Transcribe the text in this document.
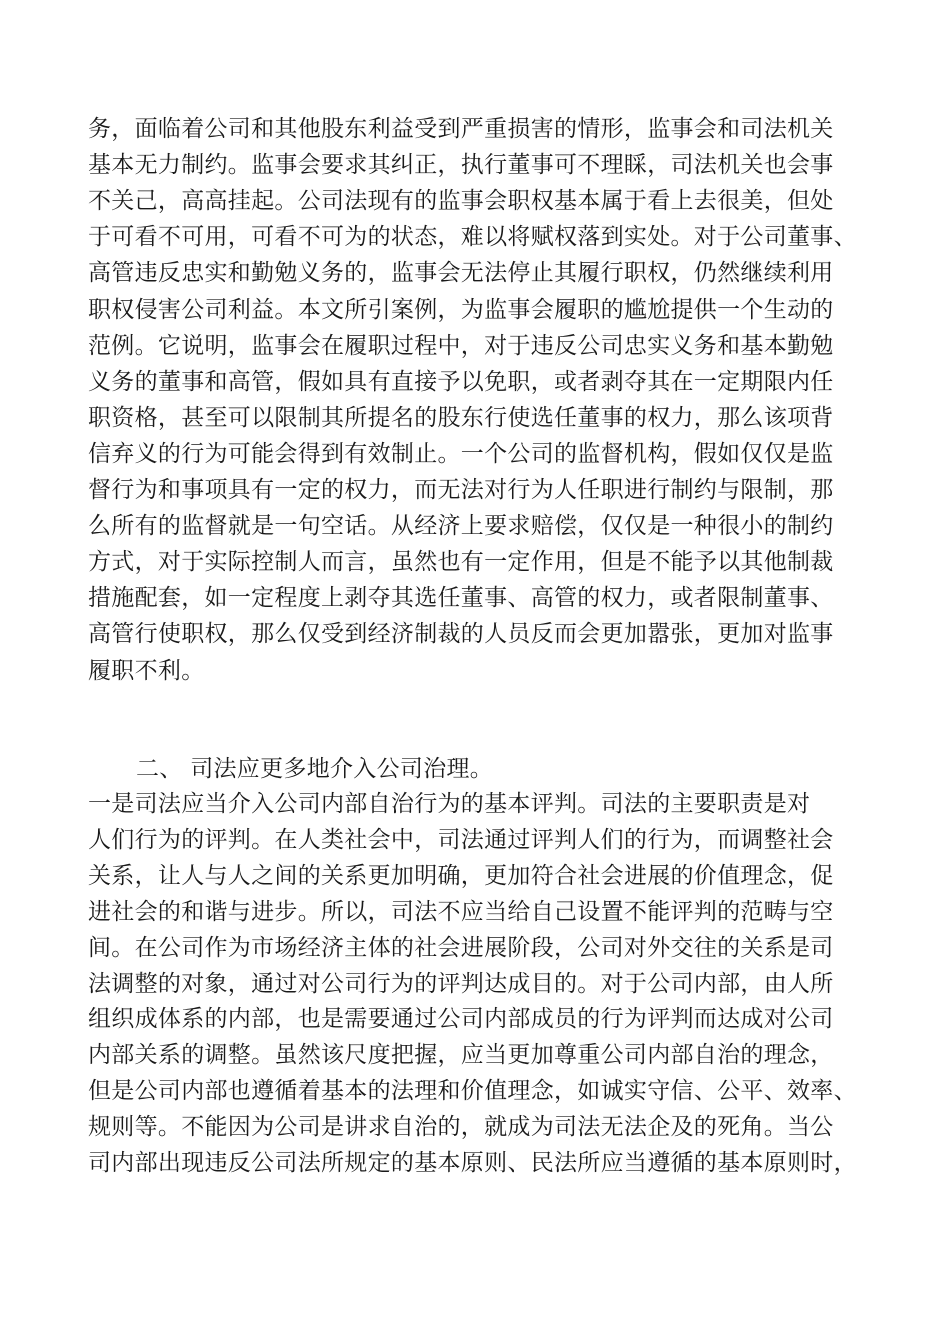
务，面临着公司和其他股东利益受到严重损害的情形，监事会和司法机关
基本无力制约。监事会要求其纠正，执行董事可不理睬，司法机关也会事
不关己，高高挂起。公司法现有的监事会职权基本属于看上去很美，但处
于可看不可用，可看不可为的状态，难以将赋权落到实处。对于公司董事、
高管违反忠实和勤勉义务的，监事会无法停止其履行职权，仍然继续利用
职权侵害公司利益。本文所引案例，为监事会履职的尴尬提供一个生动的
范例。它说明，监事会在履职过程中，对于违反公司忠实义务和基本勤勉
义务的董事和高管，假如具有直接予以免职，或者剥夺其在一定期限内任
职资格，甚至可以限制其所提名的股东行使选任董事的权力，那么该项背
信弃义的行为可能会得到有效制止。一个公司的监督机构，假如仅仅是监
督行为和事项具有一定的权力，而无法对行为人任职进行制约与限制，那
么所有的监督就是一句空话。从经济上要求赔偿，仅仅是一种很小的制约
方式，对于实际控制人而言，虽然也有一定作用，但是不能予以其他制裁
措施配套，如一定程度上剥夺其选任董事、高管的权力，或者限制董事、
高管行使职权，那么仅受到经济制裁的人员反而会更加嚣张，更加对监事
履职不利。
二、 司法应更多地介入公司治理。
一是司法应当介入公司内部自治行为的基本评判。司法的主要职责是对
人们行为的评判。在人类社会中，司法通过评判人们的行为，而调整社会
关系，让人与人之间的关系更加明确，更加符合社会进展的价值理念，促
进社会的和谐与进步。所以，司法不应当给自己设置不能评判的范畴与空
间。在公司作为市场经济主体的社会进展阶段，公司对外交往的关系是司
法调整的对象，通过对公司行为的评判达成目的。对于公司内部，由人所
组织成体系的内部，也是需要通过公司内部成员的行为评判而达成对公司
内部关系的调整。虽然该尺度把握，应当更加尊重公司内部自治的理念，
但是公司内部也遵循着基本的法理和价值理念，如诚实守信、公平、效率、
规则等。不能因为公司是讲求自治的，就成为司法无法企及的死角。当公
司内部出现违反公司法所规定的基本原则、民法所应当遵循的基本原则时，
